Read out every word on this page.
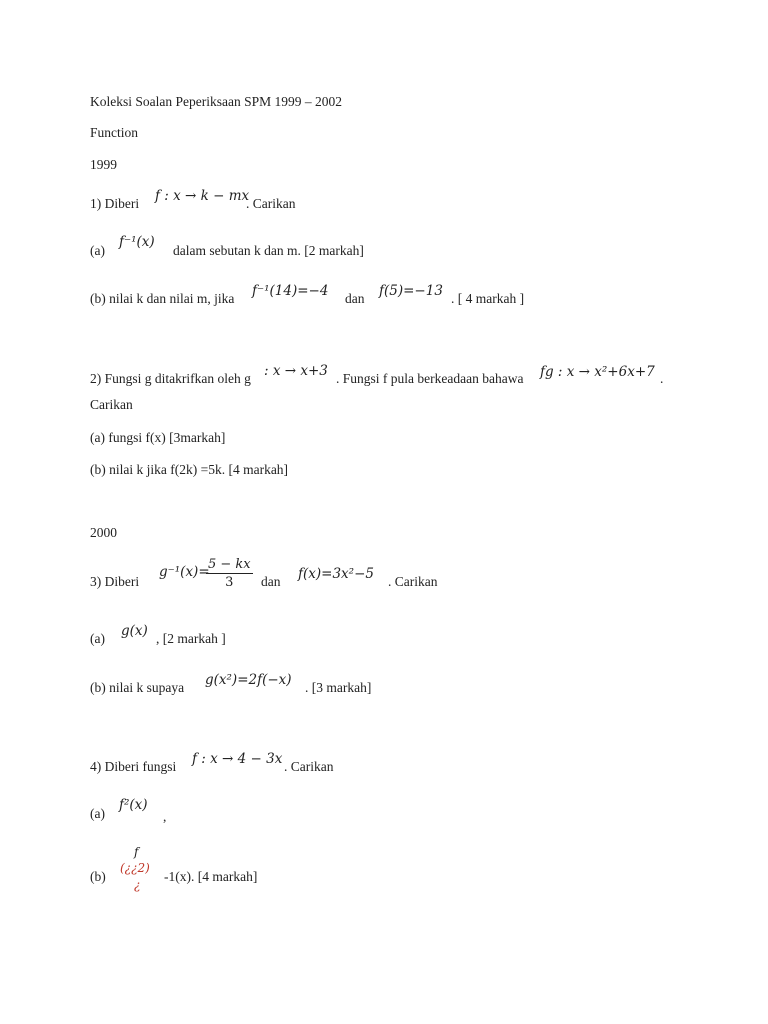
Koleksi Soalan Peperiksaan SPM 1999 – 2002
Function
1999
1) Diberi f : x → k − mx
. Carikan
(a)
f⁻¹(x)
dalam sebutan k dan m. [2 markah]
(b) nilai k dan nilai m, jika f⁻¹(14)=−4 dan f(5)=−13 . [ 4 markah ]
2) Fungsi g ditakrifkan oleh g : x → x+3 . Fungsi f pula berkeadaan bahawa fg : x → x²+6x+7 .
Carikan
(a) fungsi f(x) [3markah]
(b) nilai k jika f(2k) =5k. [4 markah]
2000
3) Diberi
g⁻¹(x)=
$\frac{5 - kx}{3}$ dan f(x)=3x²−5 . Carikan
(a) g(x) , [2 markah ]
(b) nilai k supaya g(x²)=2f(−x) . [3 markah]
4) Diberi fungsi f : x → 4 − 3x . Carikan
(a)
f²(x)
,
(b)
f
(¿¿2)
¿
-1(x). [4 markah]
